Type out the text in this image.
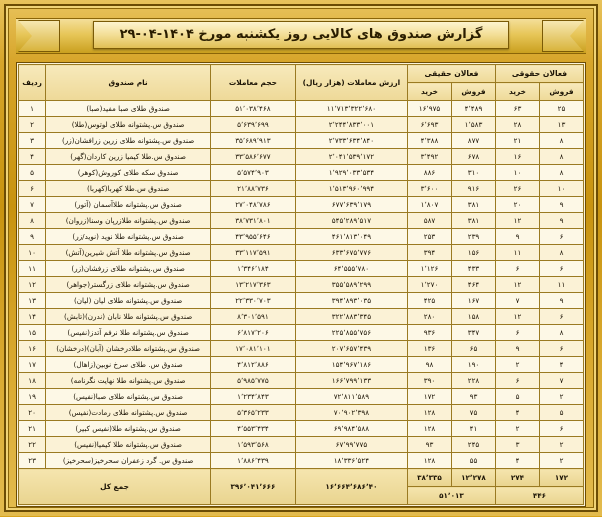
گزارش صندوق های کالایی روز یکشنبه مورخ ۱۴۰۴-۰۴-۲۹
فعالان حقوقی		فعالان حقیقی		ارزش معاملات (هزار ریال)	حجم معاملات	نام صندوق	ردیف
فروش	خرید	فروش	خرید				
۲۵	۶۳	۴٬۴۸۹	۱۶٬۹۷۵	۱۱٬۷۱۳٬۳۲۲٬۶۸۰	۵۱٬۰۳۸٬۴۶۸	صندوق طلای صبا مفید(صبا)	۱
۱۳	۲۸	۱٬۵۸۳	۶٬۶۹۳	۲٬۲۴۴٬۸۳۳٬۰۰۱	۵٬۶۳۹٬۶۹۹	صندوق س.پشتوانه طلای لوتوس(طلا)	۲
۸	۲۱	۸۷۷	۴٬۳۸۸	۲٬۷۳۳٬۶۳۴٬۸۴۰	۳۵٬۶۸۹٬۹۱۳	صندوق س.پشتوانه طلای زرین زرافشان(زر)	۳
۸	۱۶	۶۷۸	۳٬۴۹۲	۲٬۰۴۱٬۵۳۹٬۱۷۲	۳۳٬۵۸۶٬۶۷۷	صندوق س.طلا کیمیا زرین کاردان(گهر)	۴
۸	۱۰	۳۱۰	۸۸۶	۱٬۹۲۹٬۰۳۳٬۵۳۴	۵٬۵۷۴٬۹۰۳	صندوق سکه طلای کوروش(کوهر)	۵
۱۰	۲۶	۹۱۶	۳٬۶۰۰	۱٬۵۱۳٬۹۶۰٬۹۹۴	۲۱٬۸۸٬۷۳۶	صندوق س.طلا کهربا(کهربا)	۶
۹	۲۰	۳۸۱	۱٬۸۰۷	۶۷۷٬۶۳۹٬۱۷۹	۲۷٬۰۴۸٬۷۸۶	صندوق س.پشتوانه طلاآسمان (آتور)	۷
۹	۱۲	۳۸۱	۵۸۷	۵۴۵٬۲۸۹٬۵۱۷	۳۸٬۷۳۱٬۸۰۱	صندوق س.پشتوانه طلازرپان وسنا(زروان)	۸
۶	۹	۲۳۹	۲۵۳	۴۶۱٬۸۱۳٬۰۴۹	۴۳٬۹۵۵٬۶۴۶	صندوق س.پشتوانه طلا نوید (نوید/زر)	۹
۸	۱۱	۱۵۶	۳۹۴	۶۳۳٬۶۷۵٬۷۷۶	۳۳٬۱۱۷٬۵۹۱	صندوق س.پشتوانه طلا آتش شیرین(آتش)	۱۰
۶	۶	۴۳۳	۱٬۱۲۶	۶۴٬۵۵۵٬۷۸۰	۱٬۳۴۶٬۱۸۴	صندوق س.پشتوانه طلای زرفشان(زر)	۱۱
۱۱	۱۲	۴۶۴	۱٬۲۷۰	۳۵۵٬۵۸۹٬۲۹۹	۱۳٬۲۱۷٬۳۶۳	صندوق س.پشتوانه طلای زرگستر(جواهر)	۱۲
۹	۷	۱۶۷	۴۲۵	۳۹۴٬۸۹۳٬۰۳۵	۲۲٬۳۳۰٬۷۰۳	صندوق س.پشتوانه طلای لیان (لیان)	۱۳
۶	۱۲	۱۵۸	۲۸۰	۳۲۲٬۸۸۳٬۳۴۵	۸٬۳۰۱٬۵۹۱	صندوق س.پشتوانه طلا نابان (ندرن)(تابش)	۱۴
۸	۶	۳۴۷	۹۳۶	۲۲۵٬۸۵۵٬۷۵۶	۶٬۸۱۷٬۲۰۶	صندوق س.پشتوانه طلا نرفم آتدز(نفیس)	۱۵
۶	۹	۶۵	۱۳۶	۲۰۷٬۶۵۷٬۴۳۹	۱۷٬۰۸۱٬۱۰۱	صندوق س.پشتوانه طلادرخشان (آبان)(درخشان)	۱۶
۴	۲	۱۹۰	۹۸	۱۵۴٬۹۶۷٬۱۸۶	۴٬۸۱۲٬۸۸۶	صندوق س. طلای سرخ نوبین(زاهال)	۱۷
۷	۶	۲۲۸	۳۹۰	۱۶۶٬۷۹۹٬۱۳۳	۵٬۹۸۵٬۷۷۵	صندوق س.پشتوانه طلا نهایت نگرنامه)	۱۸
۲	۵	۹۳	۱۷۲	۷۲٬۸۱۱٬۵۸۹	۱٬۲۳۴٬۸۴۳	صندوق س.پشتوانه طلای صبا(نفیس)	۱۹
۵	۴	۷۵	۱۲۸	۷۰٬۹۰۲٬۳۹۸	۵٬۳۶۵٬۲۳۳	صندوق س.پشتوانه طلای رمادت(نفیس)	۲۰
۶	۲	۴۱	۱۲۸	۶۹٬۹۸۴٬۵۸۸	۴٬۵۵۳٬۴۳۴	صندوق س.پشتوانه طلا(نفیس کبیر)	۲۱
۲	۳	۲۴۵	۹۳	۶۷٬۹۹٬۷۷۵	۱٬۵۹۳٬۵۶۸	صندوق س.پشتوانه طلا کیمیا(نفیس)	۲۲
۲	۴	۵۵	۱۲۸	۱۸٬۳۳۶٬۵۲۴	۱٬۸۸۶٬۴۳۹	صندوق س. گرد زعفران سحرخیز(سحرخیز)	۲۳
۱۷۲	۲۷۴	۱۲٬۲۷۸	۳۸٬۳۳۵	۱۶٬۶۶۴٬۶۸۶٬۴۰	۳۹۶٬۰۴۱٬۶۶۶	جمع کل	
۴۴۶		۵۱٬۰۱۳					
